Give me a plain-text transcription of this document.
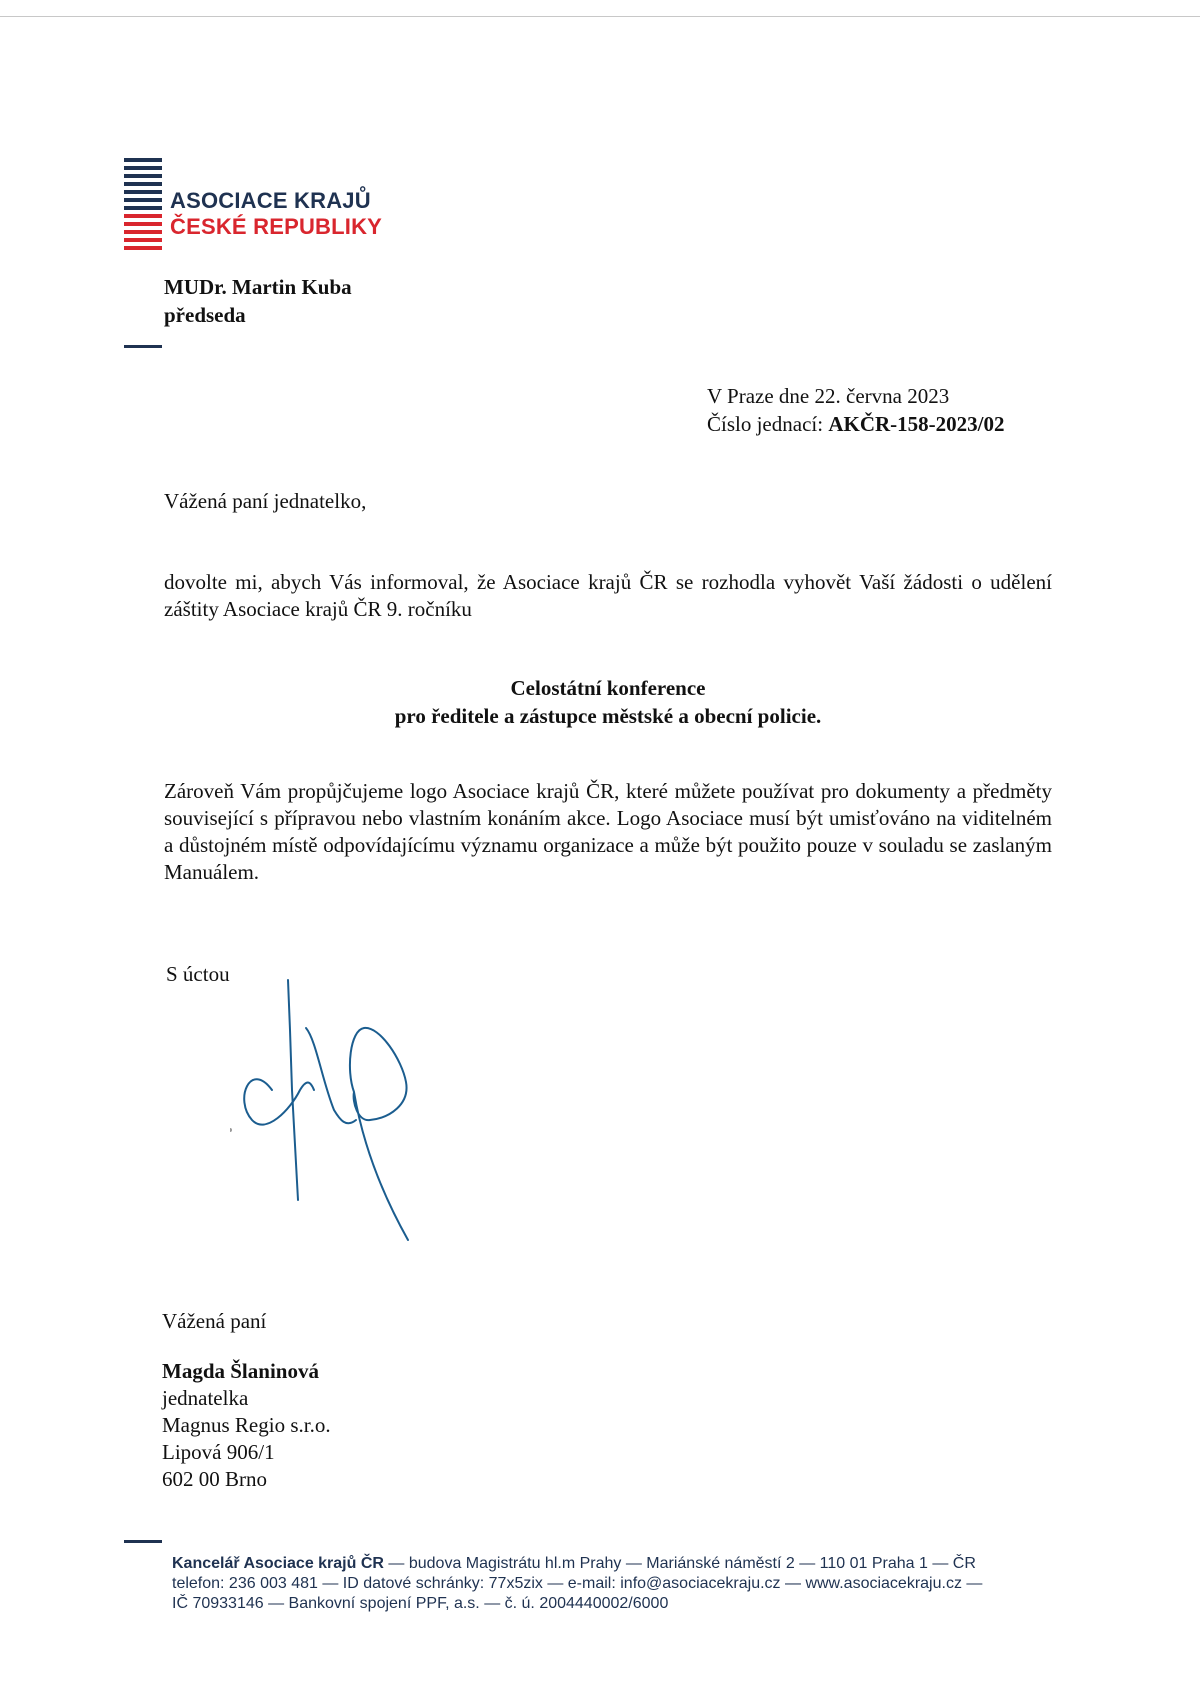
ASOCIACE KRAJŮ
ČESKÉ REPUBLIKY
MUDr. Martin Kuba
předseda
V Praze dne 22. června 2023
Číslo jednací: AKČR-158-2023/02
Vážená paní jednatelko,
dovolte mi, abych Vás informoval, že Asociace krajů ČR se rozhodla vyhovět Vaší žádosti o udělení záštity Asociace krajů ČR 9. ročníku
Celostátní konference
pro ředitele a zástupce městské a obecní policie.
Zároveň Vám propůjčujeme logo Asociace krajů ČR, které můžete používat pro dokumenty a předměty související s přípravou nebo vlastním konáním akce. Logo Asociace musí být umisťováno na viditelném a důstojném místě odpovídajícímu významu organizace a může být použito pouze v souladu se zaslaným Manuálem.
S úctou
Vážená paní
Magda Šlaninová
jednatelka
Magnus Regio s.r.o.
Lipová 906/1
602 00 Brno
Kancelář Asociace krajů ČR — budova Magistrátu hl.m Prahy — Mariánské náměstí 2 — 110 01 Praha 1 — ČR
telefon: 236 003 481 — ID datové schránky: 77x5zix — e-mail: info@asociacekraju.cz — www.asociacekraju.cz —
IČ 70933146 — Bankovní spojení PPF, a.s. — č. ú. 2004440002/6000
